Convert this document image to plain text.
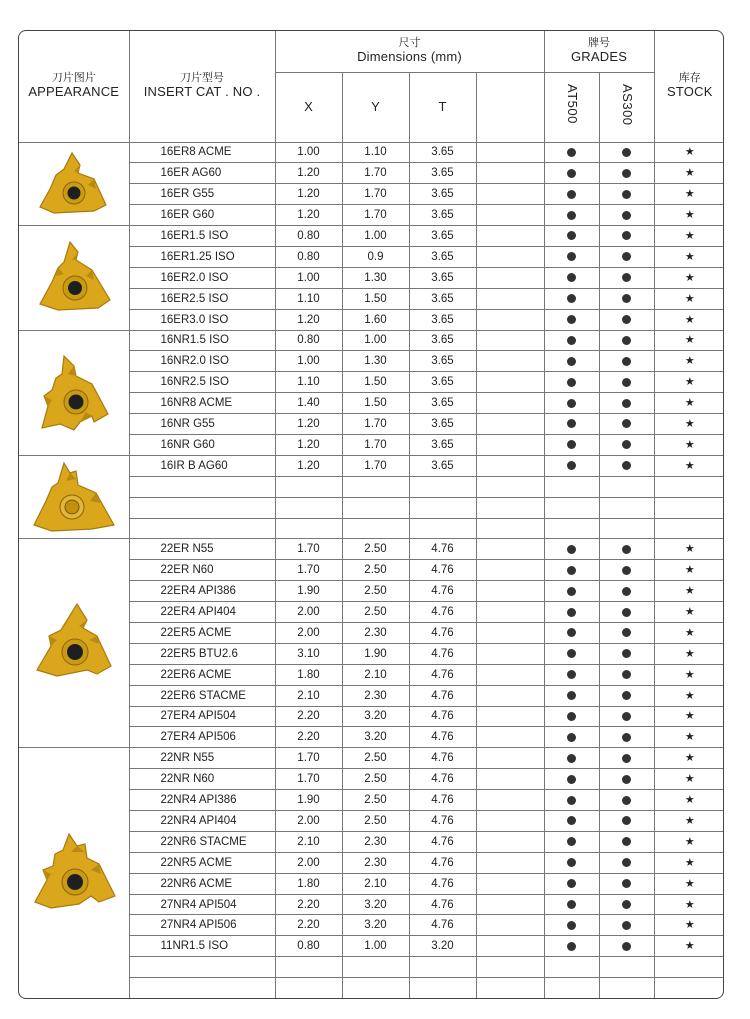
刀片图片
APPEARANCE	刀片型号
INSERT CAT . NO .	尺寸
Dimensions (mm)				牌号
GRADES		库存
STOCK

		X	Y	T		AT500	AS300	

	16ER8 ACME	1.00	1.10	3.65				★
	16ER AG60	1.20	1.70	3.65				★
	16ER G55	1.20	1.70	3.65				★
	16ER G60	1.20	1.70	3.65				★

	16ER1.5 ISO	0.80	1.00	3.65				★
	16ER1.25 ISO	0.80	0.9	3.65				★
	16ER2.0 ISO	1.00	1.30	3.65				★
	16ER2.5 ISO	1.10	1.50	3.65				★
	16ER3.0 ISO	1.20	1.60	3.65				★

	16NR1.5 ISO	0.80	1.00	3.65				★
	16NR2.0 ISO	1.00	1.30	3.65				★
	16NR2.5 ISO	1.10	1.50	3.65				★
	16NR8 ACME	1.40	1.50	3.65				★
	16NR G55	1.20	1.70	3.65				★
	16NR G60	1.20	1.70	3.65				★

	16IR B AG60	1.20	1.70	3.65				★

	22ER N55	1.70	2.50	4.76				★
	22ER N60	1.70	2.50	4.76				★
	22ER4 API386	1.90	2.50	4.76				★
	22ER4 API404	2.00	2.50	4.76				★
	22ER5 ACME	2.00	2.30	4.76				★
	22ER5 BTU2.6	3.10	1.90	4.76				★
	22ER6 ACME	1.80	2.10	4.76				★
	22ER6 STACME	2.10	2.30	4.76				★
	27ER4 API504	2.20	3.20	4.76				★
	27ER4 API506	2.20	3.20	4.76				★

	22NR N55	1.70	2.50	4.76				★
	22NR N60	1.70	2.50	4.76				★
	22NR4 API386	1.90	2.50	4.76				★
	22NR4 API404	2.00	2.50	4.76				★
	22NR6 STACME	2.10	2.30	4.76				★
	22NR5 ACME	2.00	2.30	4.76				★
	22NR6 ACME	1.80	2.10	4.76				★
	27NR4 API504	2.20	3.20	4.76				★
	27NR4 API506	2.20	3.20	4.76				★
	11NR1.5 ISO	0.80	1.00	3.20				★
